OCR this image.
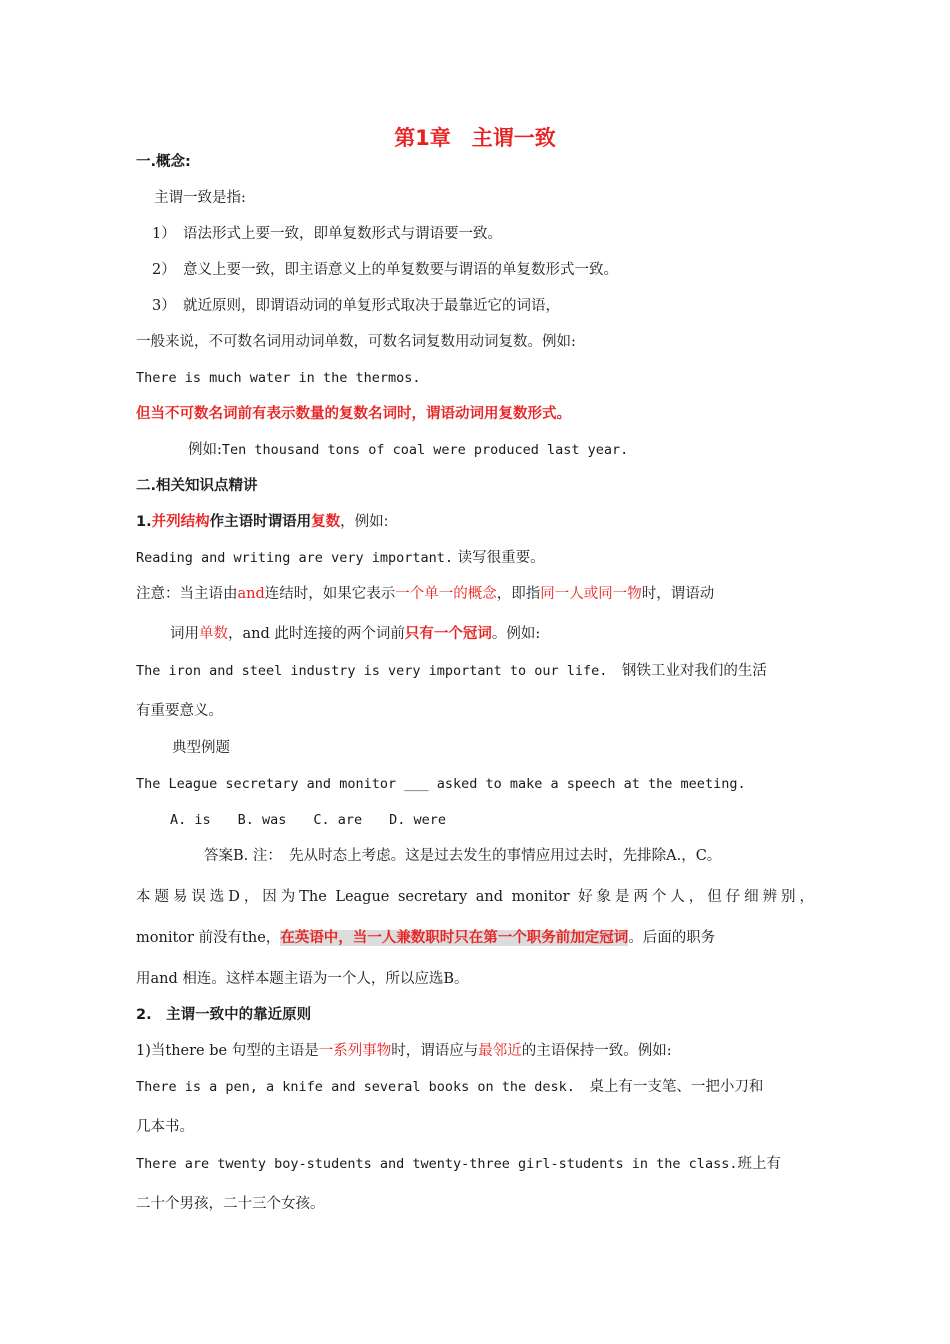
第1章　主谓一致
一.概念:
主谓一致是指:
1）　语法形式上要一致，即单复数形式与谓语要一致。
2）　意义上要一致，即主语意义上的单复数要与谓语的单复数形式一致。
3）　就近原则，即谓语动词的单复形式取决于最靠近它的词语，
一般来说，不可数名词用动词单数，可数名词复数用动词复数。例如:
There is much water in the thermos.
但当不可数名词前有表示数量的复数名词时，谓语动词用复数形式。
例如:Ten thousand tons of coal were produced last year.
二.相关知识点精讲
1.并列结构作主语时谓语用复数，例如:
Reading and writing are very important. 读写很重要。
注意：当主语由and连结时，如果它表示一个单一的概念，即指同一人或同一物时，谓语动
词用单数，and 此时连接的两个词前只有一个冠词。例如:
The iron and steel industry is very important to our life.　 钢铁工业对我们的生活
有重要意义。
典型例题
The League secretary and monitor ___ asked to make a speech at the meeting.
A. is　　B. was　　C. are　　D. were
答案B. 注：　先从时态上考虑。这是过去发生的事情应用过去时，先排除A.，C。
本题易误选D，因为The League secretary and monitor 好象是两个人，但仔细辨别，
monitor 前没有the，在英语中，当一人兼数职时只在第一个职务前加定冠词。后面的职务
用and 相连。这样本题主语为一个人，所以应选B。
2.　主谓一致中的靠近原则
1)当there be 句型的主语是一系列事物时，谓语应与最邻近的主语保持一致。例如:
There is a pen, a knife and several books on the desk.　 桌上有一支笔、一把小刀和
几本书。
There are twenty boy-students and twenty-three girl-students in the class.班上有
二十个男孩，二十三个女孩。
